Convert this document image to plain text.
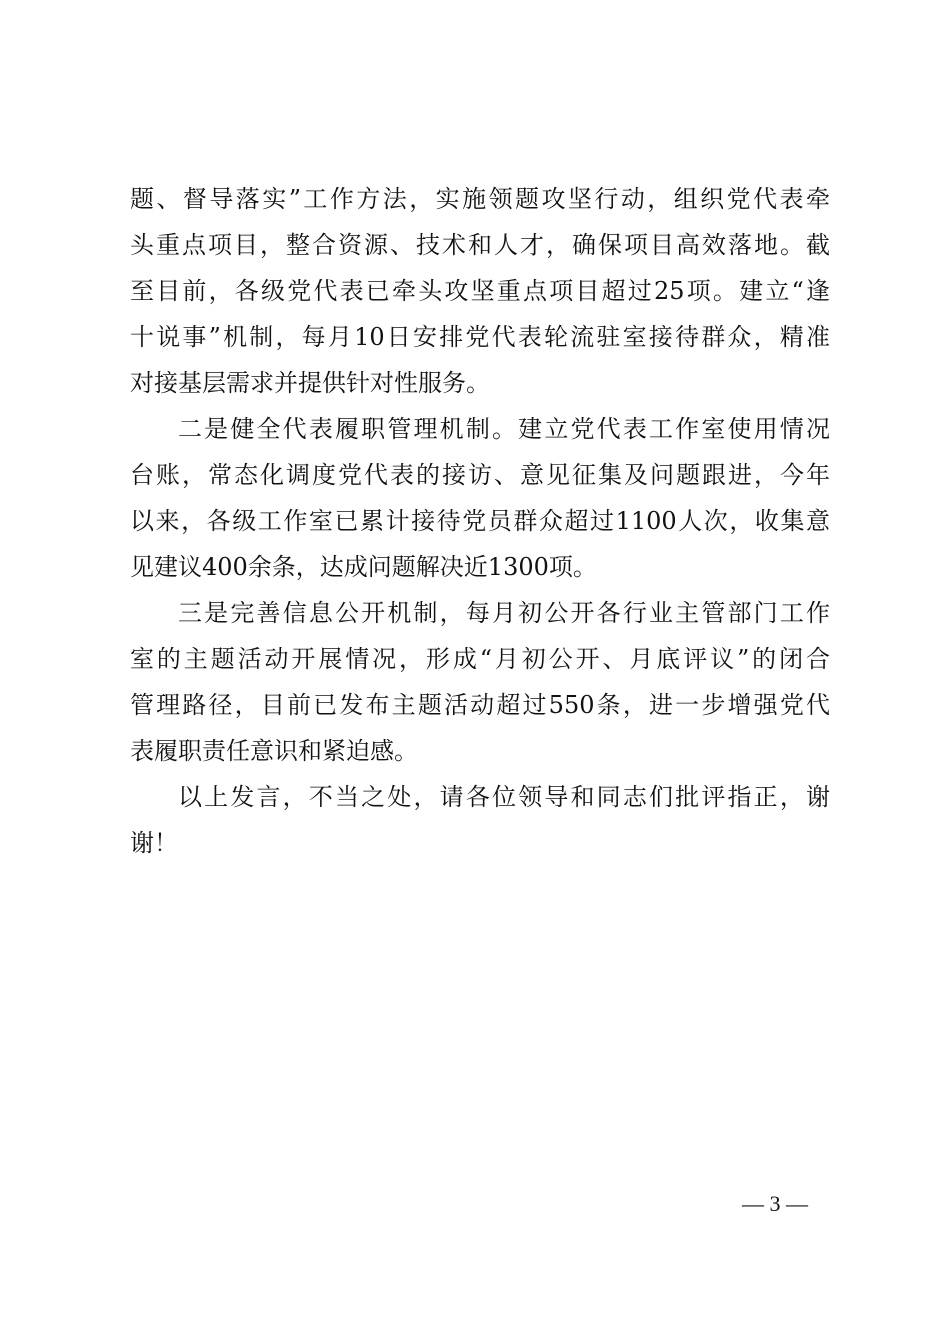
题、督导落实”工作方法，实施领题攻坚行动，组织党代表牵
头重点项目，整合资源、技术和人才，确保项目高效落地。截
至目前，各级党代表已牵头攻坚重点项目超过25项。建立“逢
十说事”机制，每月10日安排党代表轮流驻室接待群众，精准
对接基层需求并提供针对性服务。
二是健全代表履职管理机制。建立党代表工作室使用情况
台账，常态化调度党代表的接访、意见征集及问题跟进，今年
以来，各级工作室已累计接待党员群众超过1100人次，收集意
见建议400余条，达成问题解决近1300项。
三是完善信息公开机制，每月初公开各行业主管部门工作
室的主题活动开展情况，形成“月初公开、月底评议”的闭合
管理路径，目前已发布主题活动超过550条，进一步增强党代
表履职责任意识和紧迫感。
以上发言，不当之处，请各位领导和同志们批评指正，谢
谢！
— 3 —
